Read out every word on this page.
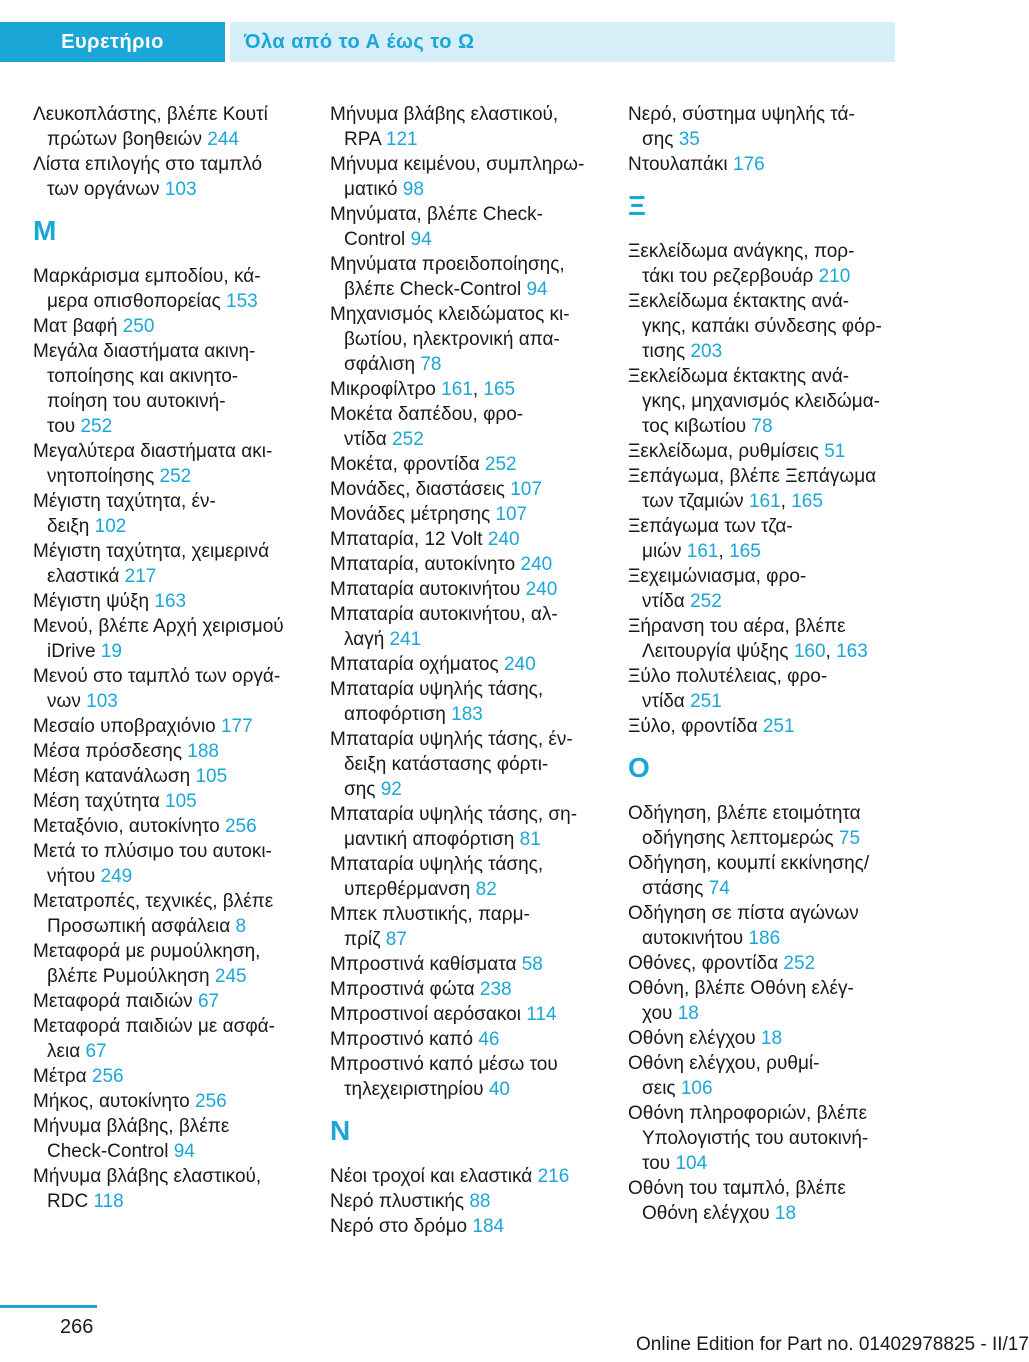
Ευρετήριο	Όλα από το Α έως το Ω
Λευκοπλάστης, βλέπε Κουτί
πρώτων βοηθειών 244
Λίστα επιλογής στο ταμπλό
των οργάνων 103
Μ
Μαρκάρισμα εμποδίου, κά-
μερα οπισθοπορείας 153
Ματ βαφή 250
Μεγάλα διαστήματα ακινη-
τοποίησης και ακινητο-
ποίηση του αυτοκινή-
του 252
Μεγαλύτερα διαστήματα ακι-
νητοποίησης 252
Μέγιστη ταχύτητα, έν-
δειξη 102
Μέγιστη ταχύτητα, χειμερινά
ελαστικά 217
Μέγιστη ψύξη 163
Μενού, βλέπε Αρχή χειρισμού
iDrive 19
Μενού στο ταμπλό των οργά-
νων 103
Μεσαίο υποβραχιόνιο 177
Μέσα πρόσδεσης 188
Μέση κατανάλωση 105
Μέση ταχύτητα 105
Μεταξόνιο, αυτοκίνητο 256
Μετά το πλύσιμο του αυτοκι-
νήτου 249
Μετατροπές, τεχνικές, βλέπε
Προσωπική ασφάλεια 8
Μεταφορά με ρυμούλκηση,
βλέπε Ρυμούλκηση 245
Μεταφορά παιδιών 67
Μεταφορά παιδιών με ασφά-
λεια 67
Μέτρα 256
Μήκος, αυτοκίνητο 256
Μήνυμα βλάβης, βλέπε
Check-Control 94
Μήνυμα βλάβης ελαστικού,
RDC 118
Μήνυμα βλάβης ελαστικού,
RPA 121
Μήνυμα κειμένου, συμπληρω-
ματικό 98
Μηνύματα, βλέπε Check-
Control 94
Μηνύματα προειδοποίησης,
βλέπε Check-Control 94
Μηχανισμός κλειδώματος κι-
βωτίου, ηλεκτρονική απα-
σφάλιση 78
Μικροφίλτρο 161, 165
Μοκέτα δαπέδου, φρο-
ντίδα 252
Μοκέτα, φροντίδα 252
Μονάδες, διαστάσεις 107
Μονάδες μέτρησης 107
Μπαταρία, 12 Volt 240
Μπαταρία, αυτοκίνητο 240
Μπαταρία αυτοκινήτου 240
Μπαταρία αυτοκινήτου, αλ-
λαγή 241
Μπαταρία οχήματος 240
Μπαταρία υψηλής τάσης,
αποφόρτιση 183
Μπαταρία υψηλής τάσης, έν-
δειξη κατάστασης φόρτι-
σης 92
Μπαταρία υψηλής τάσης, ση-
μαντική αποφόρτιση 81
Μπαταρία υψηλής τάσης,
υπερθέρμανση 82
Μπεκ πλυστικής, παρμ-
πρίζ 87
Μπροστινά καθίσματα 58
Μπροστινά φώτα 238
Μπροστινοί αερόσακοι 114
Μπροστινό καπό 46
Μπροστινό καπό μέσω του
τηλεχειριστηρίου 40
Ν
Νέοι τροχοί και ελαστικά 216
Νερό πλυστικής 88
Νερό στο δρόμο 184
Νερό, σύστημα υψηλής τά-
σης 35
Ντουλαπάκι 176
Ξ
Ξεκλείδωμα ανάγκης, πορ-
τάκι του ρεζερβουάρ 210
Ξεκλείδωμα έκτακτης ανά-
γκης, καπάκι σύνδεσης φόρ-
τισης 203
Ξεκλείδωμα έκτακτης ανά-
γκης, μηχανισμός κλειδώμα-
τος κιβωτίου 78
Ξεκλείδωμα, ρυθμίσεις 51
Ξεπάγωμα, βλέπε Ξεπάγωμα
των τζαμιών 161, 165
Ξεπάγωμα των τζα-
μιών 161, 165
Ξεχειμώνιασμα, φρο-
ντίδα 252
Ξήρανση του αέρα, βλέπε
Λειτουργία ψύξης 160, 163
Ξύλο πολυτέλειας, φρο-
ντίδα 251
Ξύλο, φροντίδα 251
Ο
Οδήγηση, βλέπε ετοιμότητα
οδήγησης λεπτομερώς 75
Οδήγηση, κουμπί εκκίνησης/
στάσης 74
Οδήγηση σε πίστα αγώνων
αυτοκινήτου 186
Οθόνες, φροντίδα 252
Οθόνη, βλέπε Οθόνη ελέγ-
χου 18
Οθόνη ελέγχου 18
Οθόνη ελέγχου, ρυθμί-
σεις 106
Οθόνη πληροφοριών, βλέπε
Υπολογιστής του αυτοκινή-
του 104
Οθόνη του ταμπλό, βλέπε
Οθόνη ελέγχου 18
266
Online Edition for Part no. 01402978825 - II/17
